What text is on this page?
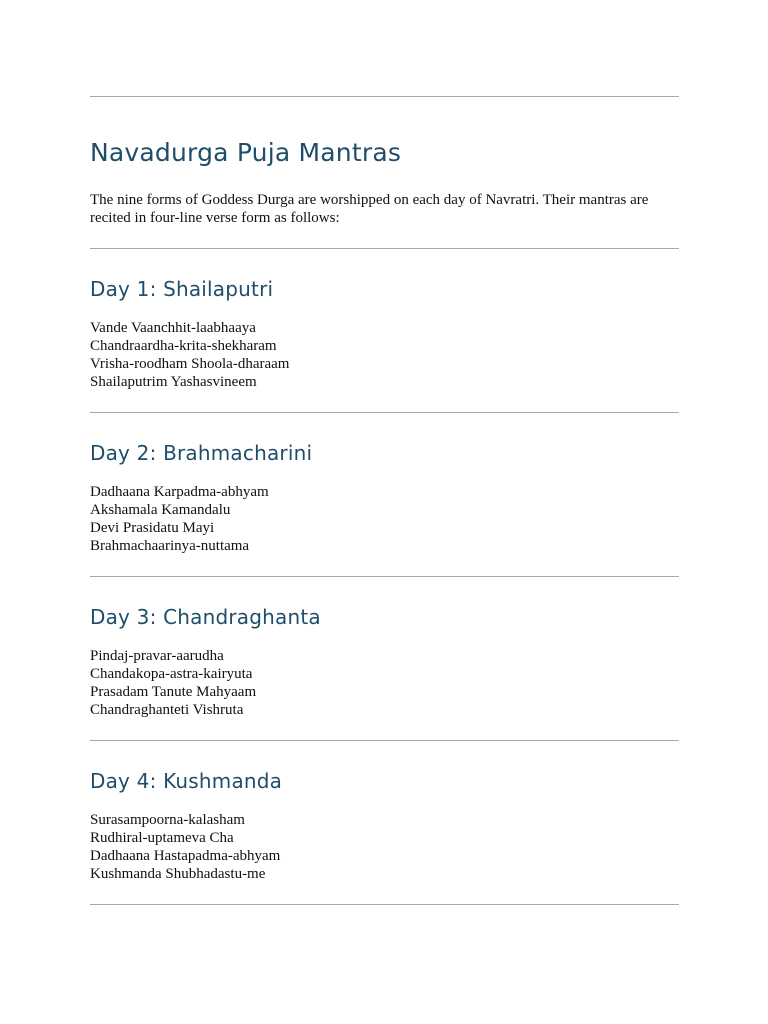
Navadurga Puja Mantras

The nine forms of Goddess Durga are worshipped on each day of Navratri. Their mantras are recited in four-line verse form as follows:

Day 1: Shailaputri

Vande Vaanchhit-laabhaaya
Chandraardha-krita-shekharam
Vrisha-roodham Shoola-dharaam
Shailaputrim Yashasvineem

Day 2: Brahmacharini

Dadhaana Karpadma-abhyam
Akshamala Kamandalu
Devi Prasidatu Mayi
Brahmachaarinya-nuttama

Day 3: Chandraghanta

Pindaj-pravar-aarudha
Chandakopa-astra-kairyuta
Prasadam Tanute Mahyaam
Chandraghanteti Vishruta

Day 4: Kushmanda

Surasampoorna-kalasham
Rudhiral-uptameva Cha
Dadhaana Hastapadma-abhyam
Kushmanda Shubhadastu-me
